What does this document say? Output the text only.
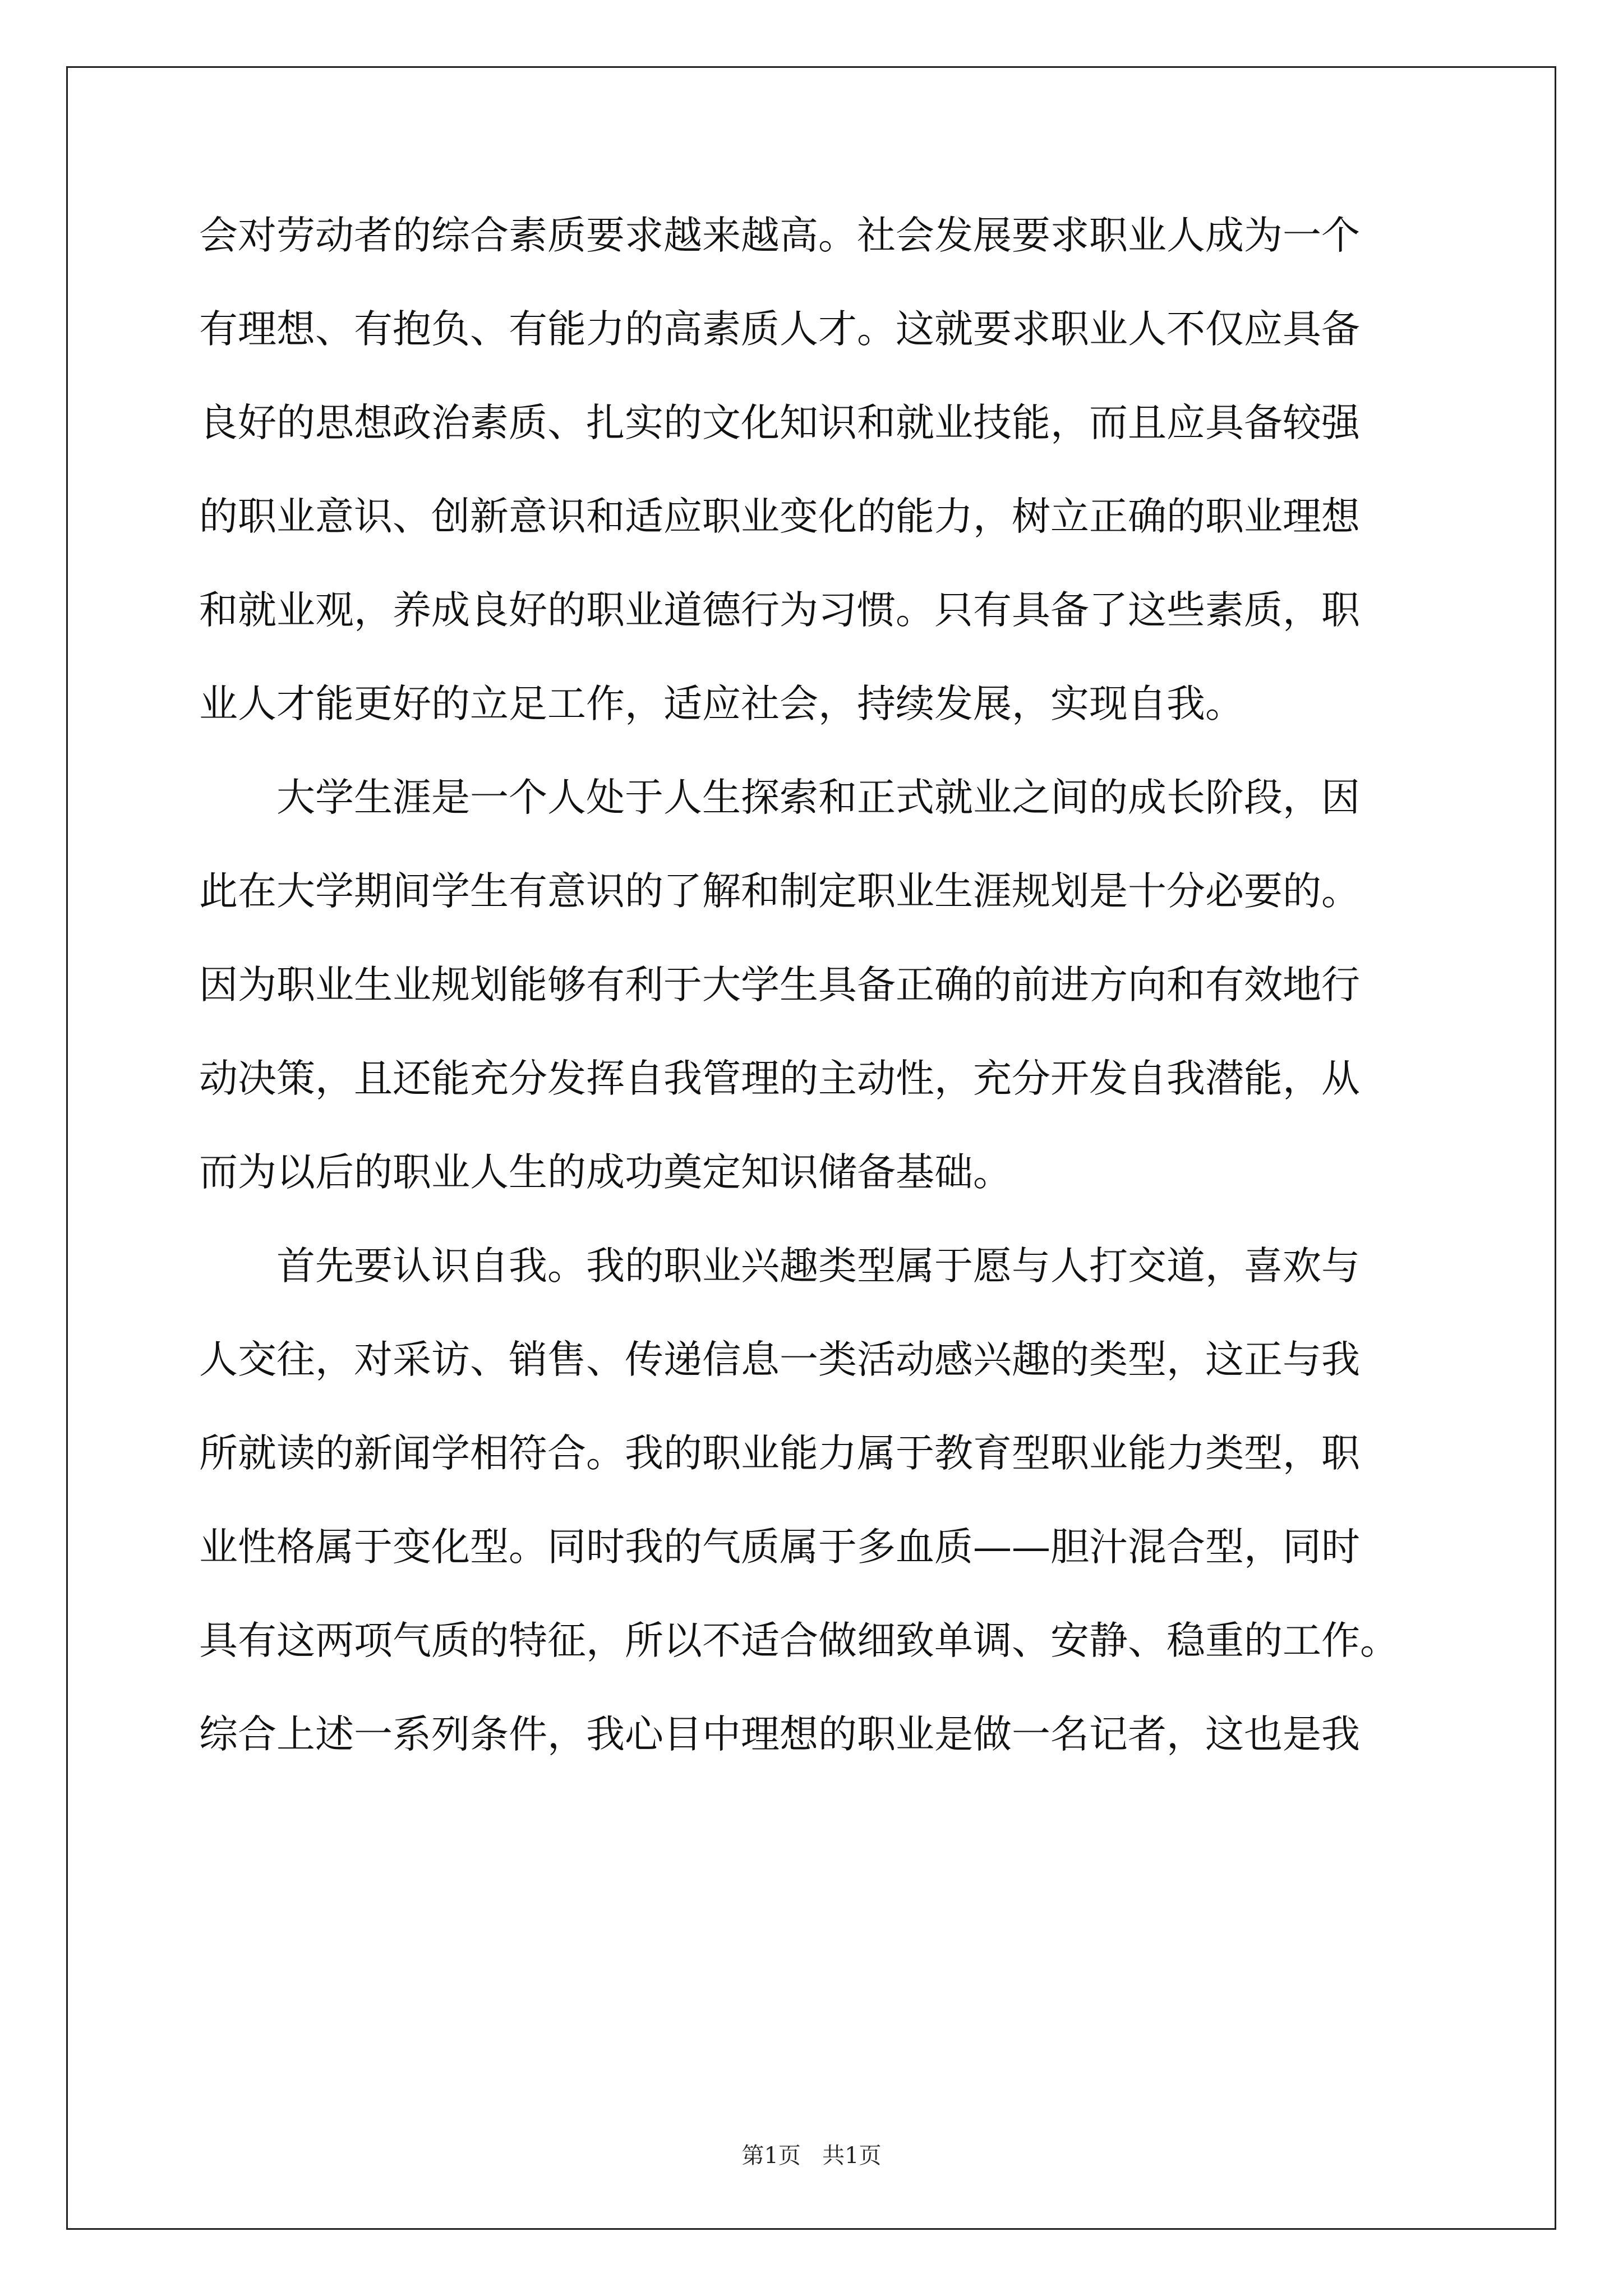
会对劳动者的综合素质要求越来越高。社会发展要求职业人成为一个
有理想、有抱负、有能力的高素质人才。这就要求职业人不仅应具备
良好的思想政治素质、扎实的文化知识和就业技能，而且应具备较强
的职业意识、创新意识和适应职业变化的能力，树立正确的职业理想
和就业观，养成良好的职业道德行为习惯。只有具备了这些素质，职
业人才能更好的立足工作，适应社会，持续发展，实现自我。
　　大学生涯是一个人处于人生探索和正式就业之间的成长阶段，因
此在大学期间学生有意识的了解和制定职业生涯规划是十分必要的。
因为职业生业规划能够有利于大学生具备正确的前进方向和有效地行
动决策，且还能充分发挥自我管理的主动性，充分开发自我潜能，从
而为以后的职业人生的成功奠定知识储备基础。
　　首先要认识自我。我的职业兴趣类型属于愿与人打交道，喜欢与
人交往，对采访、销售、传递信息一类活动感兴趣的类型，这正与我
所就读的新闻学相符合。我的职业能力属于教育型职业能力类型，职
业性格属于变化型。同时我的气质属于多血质——胆汁混合型，同时
具有这两项气质的特征，所以不适合做细致单调、安静、稳重的工作。
综合上述一系列条件，我心目中理想的职业是做一名记者，这也是我
第1页 共1页
